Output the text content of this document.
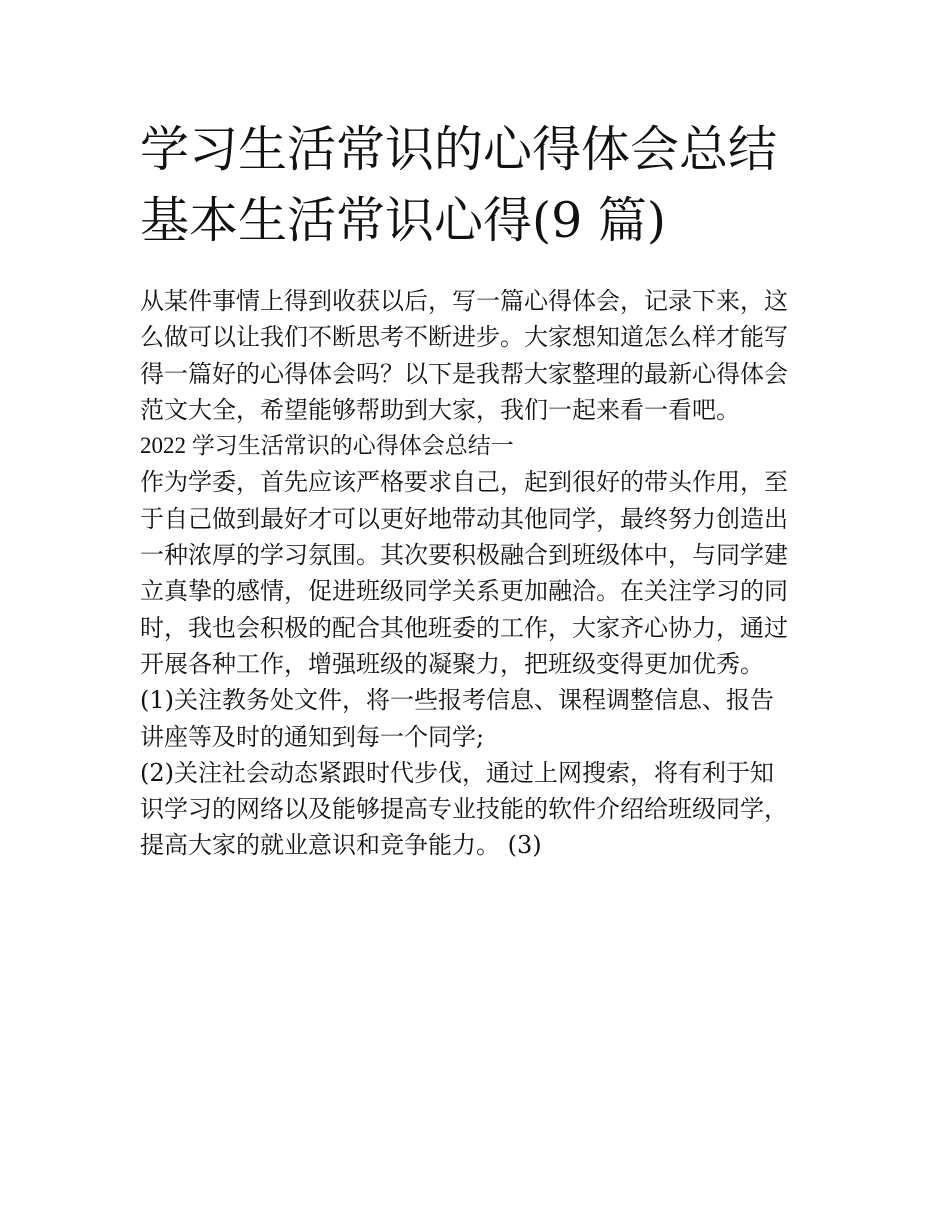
学习生活常识的心得体会总结
基本生活常识心得(9 篇)

从某件事情上得到收获以后，写一篇心得体会，记录下来，这
么做可以让我们不断思考不断进步。大家想知道怎么样才能写
得一篇好的心得体会吗？以下是我帮大家整理的最新心得体会
范文大全，希望能够帮助到大家，我们一起来看一看吧。

2022 学习生活常识的心得体会总结一

作为学委，首先应该严格要求自己，起到很好的带头作用，至
于自己做到最好才可以更好地带动其他同学，最终努力创造出
一种浓厚的学习氛围。其次要积极融合到班级体中，与同学建
立真挚的感情，促进班级同学关系更加融洽。在关注学习的同
时，我也会积极的配合其他班委的工作，大家齐心协力，通过
开展各种工作，增强班级的凝聚力，把班级变得更加优秀。

(1)关注教务处文件，将一些报考信息、课程调整信息、报告
讲座等及时的通知到每一个同学;

(2)关注社会动态紧跟时代步伐，通过上网搜索，将有利于知
识学习的网络以及能够提高专业技能的软件介绍给班级同学，
提高大家的就业意识和竞争能力。 (3)
